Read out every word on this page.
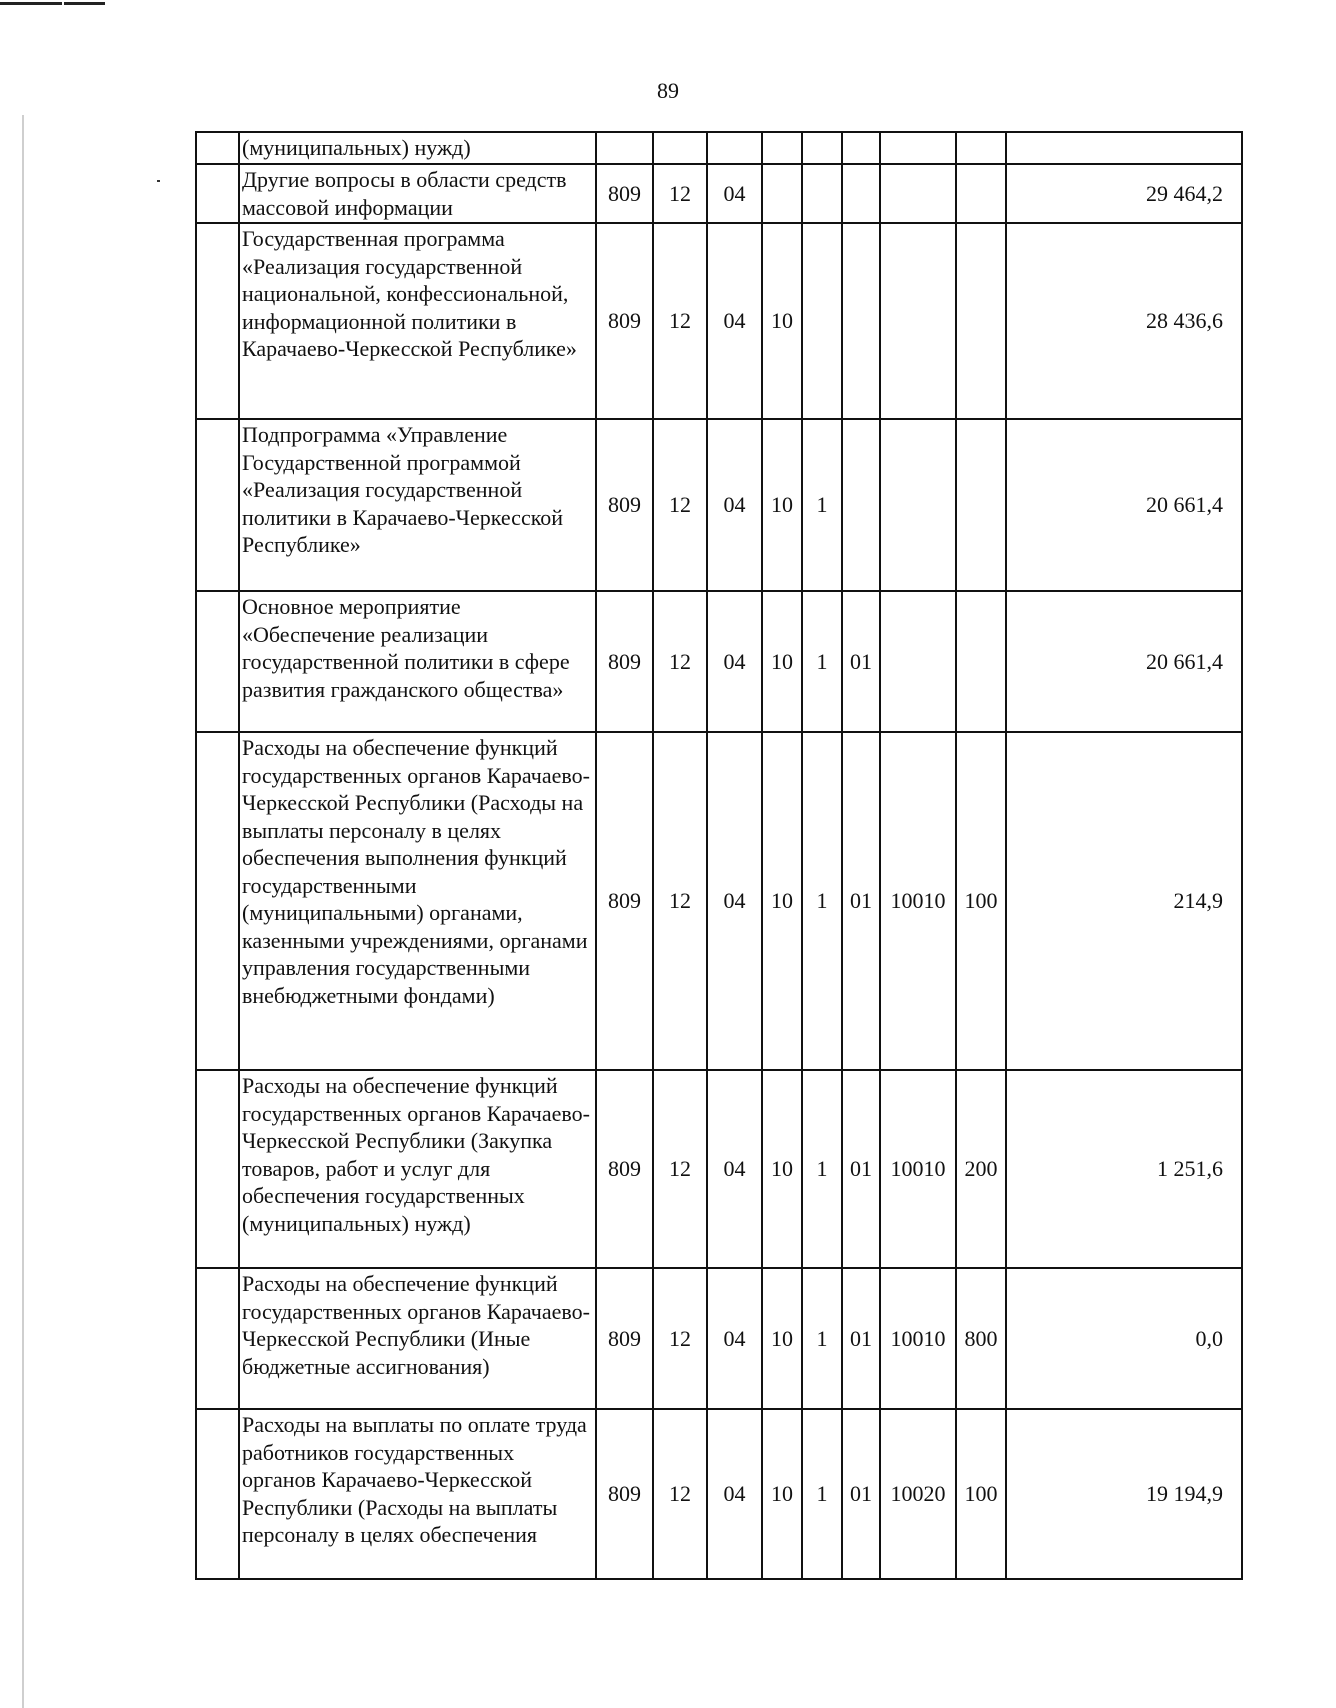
89
	(муниципальных) нужд)									
	Другие вопросы в области средств массовой информации	809	12	04						29 464,2
	Государственная программа «Реализация государственной национальной, конфессиональной, информационной политики в Карачаево-Черкесской Республике»	809	12	04	10					28 436,6
	Подпрограмма «Управление Государственной программой «Реализация государственной политики в Карачаево-Черкесской Республике»	809	12	04	10	1				20 661,4
	Основное мероприятие «Обеспечение реализации государственной политики в сфере развития гражданского общества»	809	12	04	10	1	01			20 661,4
	Расходы на обеспечение функций государственных органов Карачаево-Черкесской Республики (Расходы на выплаты персоналу в целях обеспечения выполнения функций государственными (муниципальными) органами, казенными учреждениями, органами управления государственными внебюджетными фондами)	809	12	04	10	1	01	10010	100	214,9
	Расходы на обеспечение функций государственных органов Карачаево-Черкесской Республики (Закупка товаров, работ и услуг для обеспечения государственных (муниципальных) нужд)	809	12	04	10	1	01	10010	200	1 251,6
	Расходы на обеспечение функций государственных органов Карачаево-Черкесской Республики (Иные бюджетные ассигнования)	809	12	04	10	1	01	10010	800	0,0
	Расходы на выплаты по оплате труда работников государственных органов Карачаево-Черкесской Республики (Расходы на выплаты персоналу в целях обеспечения	809	12	04	10	1	01	10020	100	19 194,9
